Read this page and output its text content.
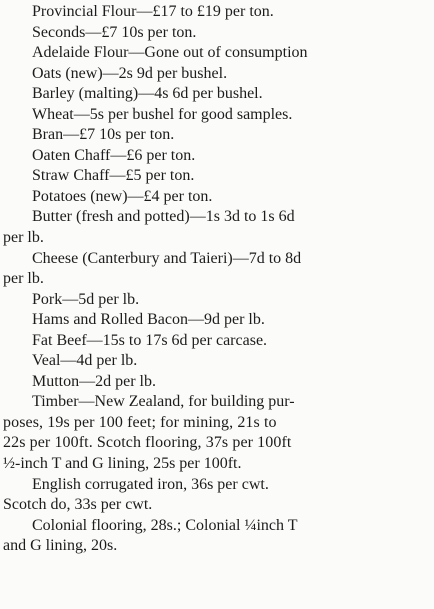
Provincial Flour—£17 to £19 per ton.
Seconds—£7 10s per ton.
Adelaide Flour—Gone out of consumption
Oats (new)—2s 9d per bushel.
Barley (malting)—4s 6d per bushel.
Wheat—5s per bushel for good samples.
Bran—£7 10s per ton.
Oaten Chaff—£6 per ton.
Straw Chaff—£5 per ton.
Potatoes (new)—£4 per ton.
Butter (fresh and potted)—1s 3d to 1s 6d
per lb.
Cheese (Canterbury and Taieri)—7d to 8d
per lb.
Pork—5d per lb.
Hams and Rolled Bacon—9d per lb.
Fat Beef—15s to 17s 6d per carcase.
Veal—4d per lb.
Mutton—2d per lb.
Timber—New Zealand, for building pur-
poses, 19s per 100 feet; for mining, 21s to
22s per 100ft. Scotch flooring, 37s per 100ft
½-inch T and G lining, 25s per 100ft.
English corrugated iron, 36s per cwt.
Scotch do, 33s per cwt.
Colonial flooring, 28s.; Colonial ¼inch T
and G lining, 20s.
